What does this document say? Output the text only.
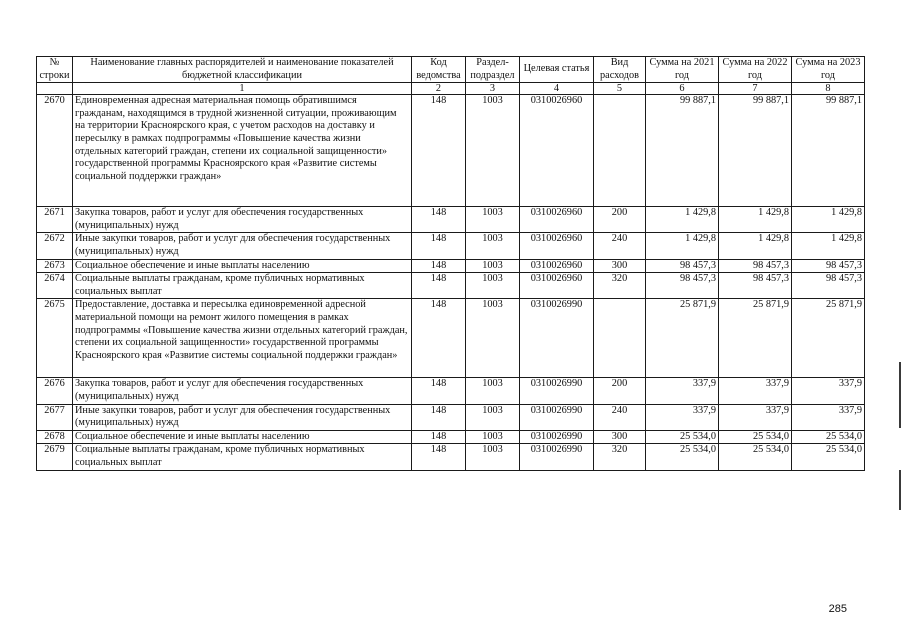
№ строки	Наименование главных распорядителей и наименование показателей бюджетной классификации	Код ведомства	Раздел-подраздел	Целевая статья	Вид расходов	Сумма на 2021 год	Сумма на 2022 год	Сумма на 2023 год
	1	2	3	4	5	6	7	8
2670	Единовременная адресная материальная помощь обратившимся гражданам, находящимся в трудной жизненной ситуации, проживающим на территории Красноярского края, с учетом расходов на доставку и пересылку в рамках подпрограммы «Повышение качества жизни отдельных категорий граждан, степени их социальной защищенности» государственной программы Красноярского края «Развитие системы социальной поддержки граждан»	148	1003	0310026960		99 887,1	99 887,1	99 887,1
2671	Закупка товаров, работ и услуг для обеспечения государственных (муниципальных) нужд	148	1003	0310026960	200	1 429,8	1 429,8	1 429,8
2672	Иные закупки товаров, работ и услуг для обеспечения государственных (муниципальных) нужд	148	1003	0310026960	240	1 429,8	1 429,8	1 429,8
2673	Социальное обеспечение и иные выплаты населению	148	1003	0310026960	300	98 457,3	98 457,3	98 457,3
2674	Социальные выплаты гражданам, кроме публичных нормативных социальных выплат	148	1003	0310026960	320	98 457,3	98 457,3	98 457,3
2675	Предоставление, доставка и пересылка единовременной адресной материальной помощи на ремонт жилого помещения в рамках подпрограммы «Повышение качества жизни отдельных категорий граждан, степени их социальной защищенности» государственной программы Красноярского края «Развитие системы социальной поддержки граждан»	148	1003	0310026990		25 871,9	25 871,9	25 871,9
2676	Закупка товаров, работ и услуг для обеспечения государственных (муниципальных) нужд	148	1003	0310026990	200	337,9	337,9	337,9
2677	Иные закупки товаров, работ и услуг для обеспечения государственных (муниципальных) нужд	148	1003	0310026990	240	337,9	337,9	337,9
2678	Социальное обеспечение и иные выплаты населению	148	1003	0310026990	300	25 534,0	25 534,0	25 534,0
2679	Социальные выплаты гражданам, кроме публичных нормативных социальных выплат	148	1003	0310026990	320	25 534,0	25 534,0	25 534,0
285
